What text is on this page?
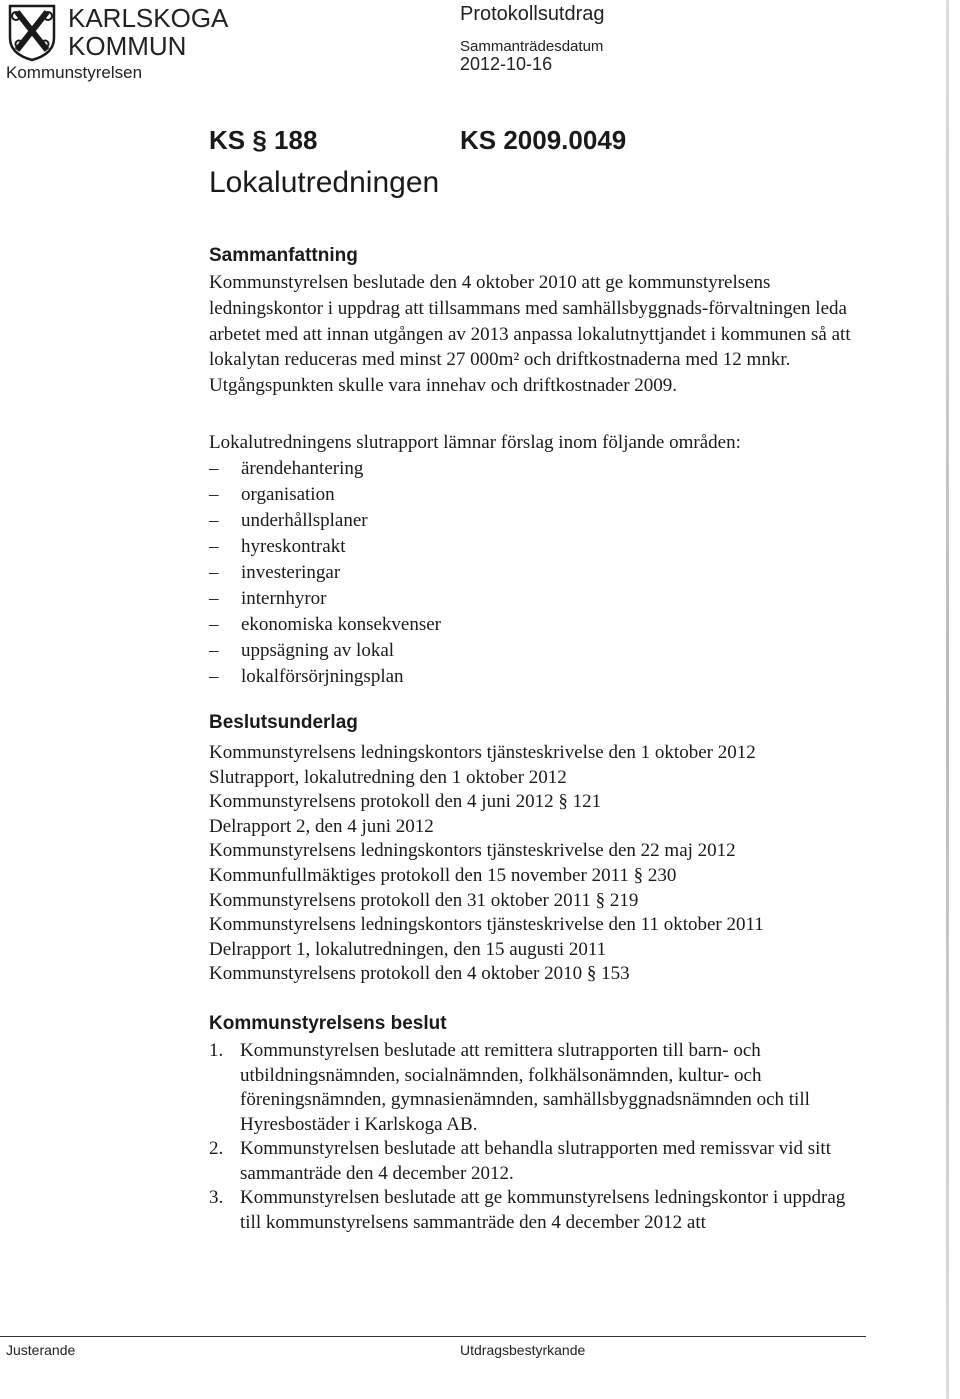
KARLSKOGA
KOMMUN
Kommunstyrelsen
Protokollsutdrag
Sammanträdesdatum
2012-10-16
KS § 188	KS 2009.0049
Lokalutredningen
Sammanfattning

Kommunstyrelsen beslutade den 4 oktober 2010 att ge kommunstyrelsens ledningskontor i uppdrag att tillsammans med samhällsbyggnads-förvaltningen leda arbetet med att innan utgången av 2013 anpassa lokalutnyttjandet i kommunen så att lokalytan reduceras med minst 27 000m² och driftkostnaderna med 12 mnkr. Utgångspunkten skulle vara innehav och driftkostnader 2009.

Lokalutredningens slutrapport lämnar förslag inom följande områden:

– ärendehantering
– organisation
– underhållsplaner
– hyreskontrakt
– investeringar
– internhyror
– ekonomiska konsekvenser
– uppsägning av lokal
– lokalförsörjningsplan
Beslutsunderlag
Kommunstyrelsens ledningskontors tjänsteskrivelse den 1 oktober 2012
Slutrapport, lokalutredning den 1 oktober 2012
Kommunstyrelsens protokoll den 4 juni 2012 § 121
Delrapport 2, den 4 juni 2012
Kommunstyrelsens ledningskontors tjänsteskrivelse den 22 maj 2012
Kommunfullmäktiges protokoll den 15 november 2011 § 230
Kommunstyrelsens protokoll den 31 oktober 2011 § 219
Kommunstyrelsens ledningskontors tjänsteskrivelse den 11 oktober 2011
Delrapport 1, lokalutredningen, den 15 augusti 2011
Kommunstyrelsens protokoll den 4 oktober 2010 § 153
Kommunstyrelsens beslut
1. Kommunstyrelsen beslutade att remittera slutrapporten till barn- och utbildningsnämnden, socialnämnden, folkhälsonämnden, kultur- och föreningsnämnden, gymnasienämnden, samhällsbyggnadsnämnden och till Hyresbostäder i Karlskoga AB.
2. Kommunstyrelsen beslutade att behandla slutrapporten med remissvar vid sitt sammanträde den 4 december 2012.
3. Kommunstyrelsen beslutade att ge kommunstyrelsens ledningskontor i uppdrag till kommunstyrelsens sammanträde den 4 december 2012 att
Justerande	Utdragsbestyrkande
